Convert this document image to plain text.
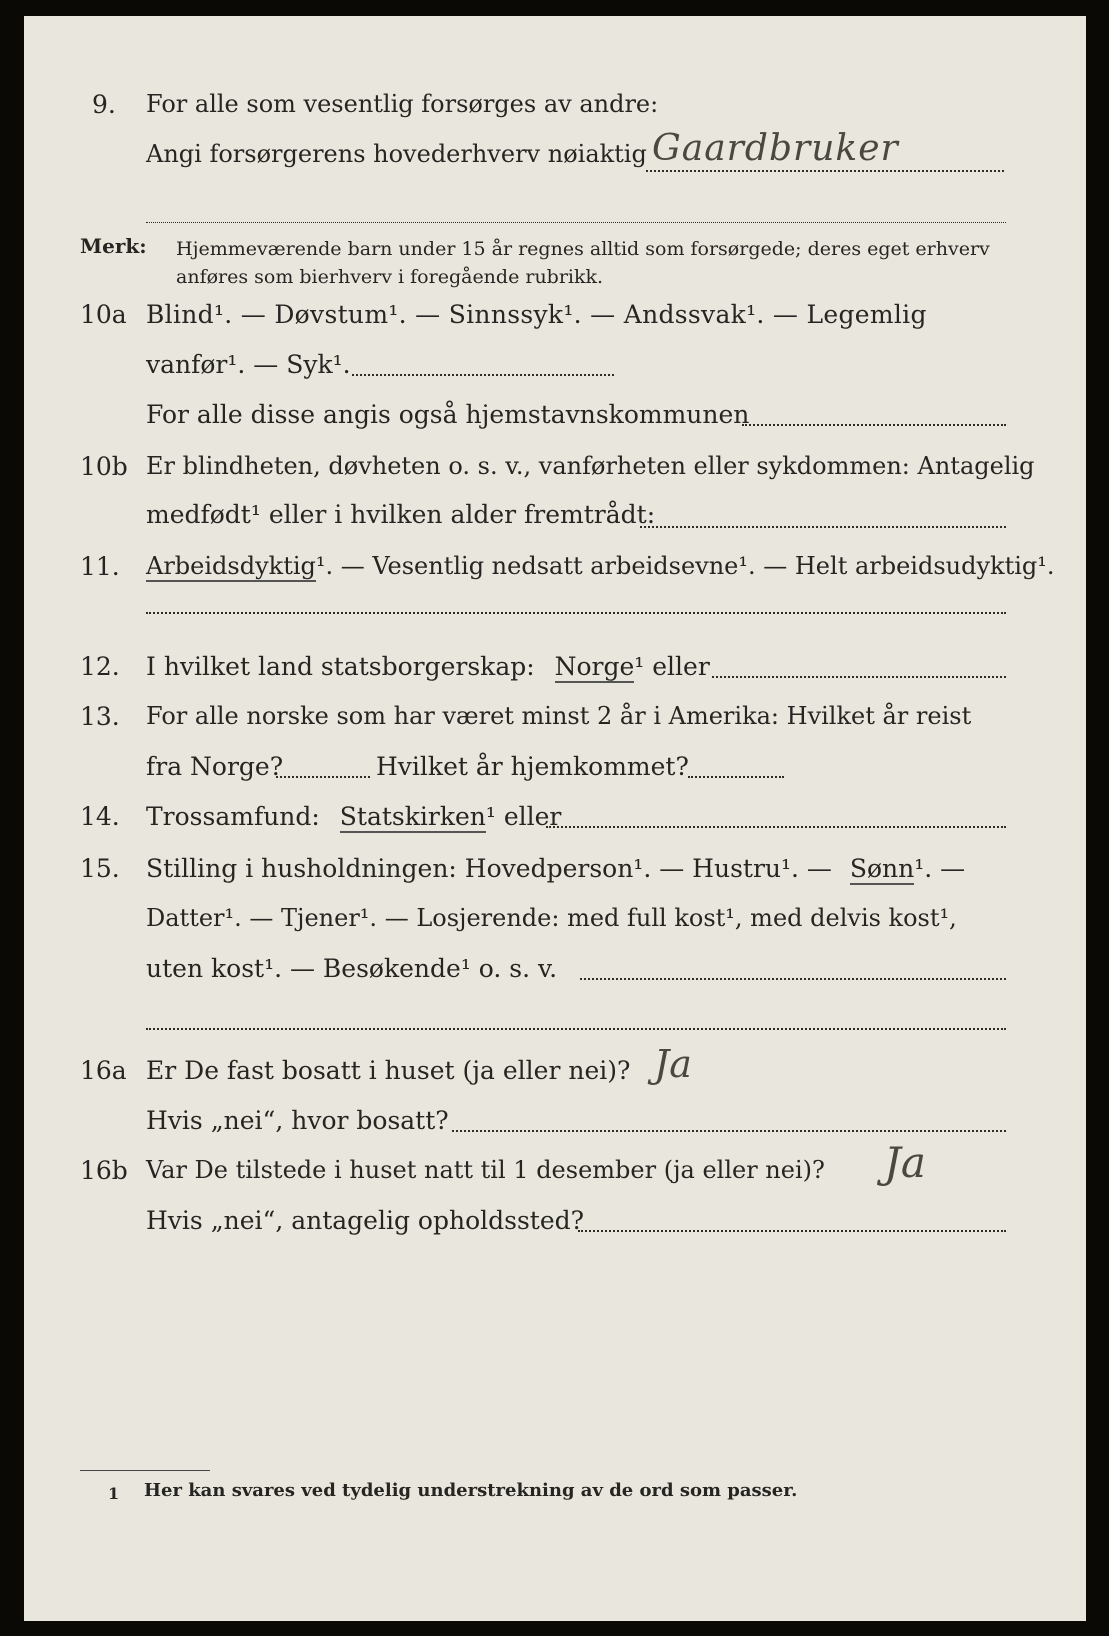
9. For alle som vesentlig forsørges av andre:
Angi forsørgerens hovederhverv nøiaktig Gaardbruker
Merk: Hjemmeværende barn under 15 år regnes alltid som forsørgede; deres eget erhverv
anføres som bierhverv i foregående rubrikk.
10a Blind¹. — Døvstum¹. — Sinnssyk¹. — Andssvak¹. — Legemlig
vanfør¹. — Syk¹.
For alle disse angis også hjemstavnskommunen
10b Er blindheten, døvheten o. s. v., vanførheten eller sykdommen: Antagelig
medfødt¹ eller i hvilken alder fremtrådt:
11. Arbeidsdyktig¹. — Vesentlig nedsatt arbeidsevne¹. — Helt arbeidsudyktig¹.
12. I hvilket land statsborgerskap: Norge¹ eller
13. For alle norske som har været minst 2 år i Amerika: Hvilket år reist
fra Norge?	Hvilket år hjemkommet?
14. Trossamfund: Statskirken¹ eller
15. Stilling i husholdningen: Hovedperson¹. — Hustru¹. — Sønn¹. —
Datter¹. — Tjener¹. — Losjerende: med full kost¹, med delvis kost¹,
uten kost¹. — Besøkende¹ o. s. v.
16a Er De fast bosatt i huset (ja eller nei)? Ja
Hvis „nei“, hvor bosatt?
16b Var De tilstede i huset natt til 1 desember (ja eller nei)? Ja
Hvis „nei“, antagelig opholdssted?
1 Her kan svares ved tydelig understrekning av de ord som passer.
